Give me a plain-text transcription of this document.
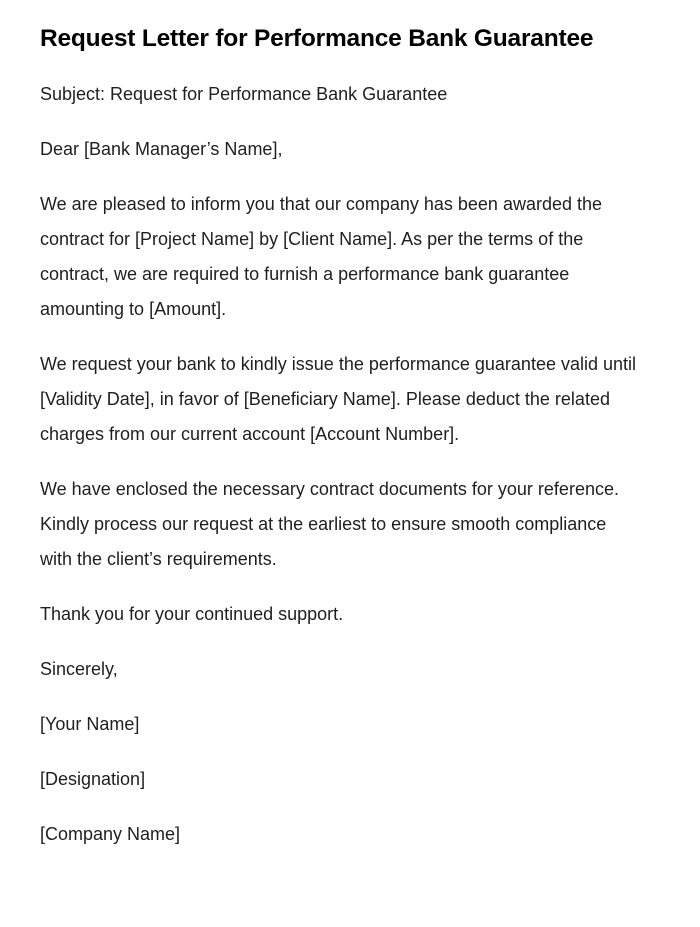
Request Letter for Performance Bank Guarantee

Subject: Request for Performance Bank Guarantee

Dear [Bank Manager’s Name],

We are pleased to inform you that our company has been awarded the contract for [Project Name] by [Client Name]. As per the terms of the contract, we are required to furnish a performance bank guarantee amounting to [Amount].

We request your bank to kindly issue the performance guarantee valid until [Validity Date], in favor of [Beneficiary Name]. Please deduct the related charges from our current account [Account Number].

We have enclosed the necessary contract documents for your reference. Kindly process our request at the earliest to ensure smooth compliance with the client’s requirements.

Thank you for your continued support.

Sincerely,

[Your Name]

[Designation]

[Company Name]
